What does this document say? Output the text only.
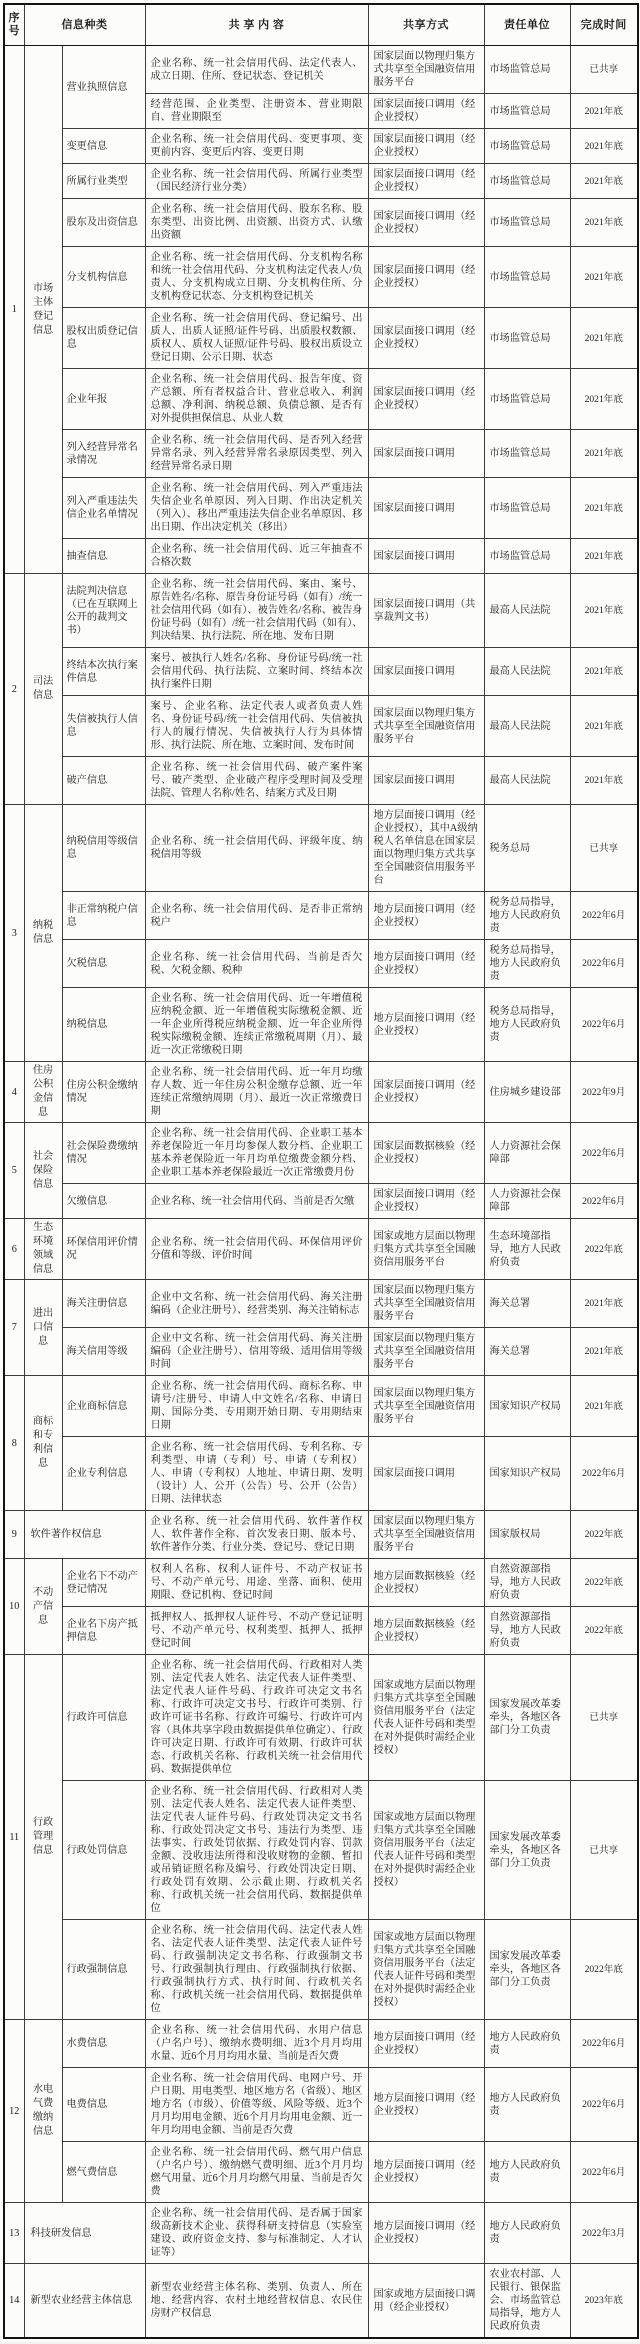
序号	信息种类		共 享 内 容	共享方式	责任单位	完成时间
1	市场主体登记信息	营业执照信息	企业名称、统一社会信用代码、法定代表人、成立日期、住所、登记状态、登记机关	国家层面以物理归集方式共享至全国融资信用服务平台	市场监管总局	已共享
			经营范围、企业类型、注册资本、营业期限自、营业期限至	国家层面接口调用（经企业授权）	市场监管总局	2021年底
		变更信息	企业名称、统一社会信用代码、变更事项、变更前内容、变更后内容、变更日期	国家层面接口调用（经企业授权）	市场监管总局	2021年底
		所属行业类型	企业名称、统一社会信用代码、所属行业类型（国民经济行业分类）	国家层面接口调用（经企业授权）	市场监管总局	2021年底
		股东及出资信息	企业名称、统一社会信用代码、股东名称、股东类型、出资比例、出资额、出资方式、认缴出资额	国家层面接口调用（经企业授权）	市场监管总局	2021年底
		分支机构信息	企业名称、统一社会信用代码、分支机构名称和统一社会信用代码、分支机构法定代表人/负责人、分支机构成立日期、分支机构住所、分支机构登记状态、分支机构登记机关	国家层面接口调用（经企业授权）	市场监管总局	2021年底
		股权出质登记信息	企业名称、统一社会信用代码、登记编号、出质人、出质人证照/证件号码、出质股权数额、质权人、质权人证照/证件号码、股权出质设立登记日期、公示日期、状态	国家层面接口调用（经企业授权）	市场监管总局	2021年底
		企业年报	企业名称、统一社会信用代码、报告年度、资产总额、所有者权益合计、营业总收入、利润总额、净利润、纳税总额、负债总额、是否有对外提供担保信息、从业人数	国家层面接口调用（经企业授权）	市场监管总局	2021年底
		列入经营异常名录情况	企业名称、统一社会信用代码、是否列入经营异常名录、列入经营异常名录原因类型、列入经营异常名录日期	国家层面接口调用	市场监管总局	2021年底
		列入严重违法失信企业名单情况	企业名称、统一社会信用代码、列入严重违法失信企业名单原因、列入日期、作出决定机关（列入）、移出严重违法失信企业名单原因、移出日期、作出决定机关（移出）	国家层面接口调用	市场监管总局	2021年底
		抽查信息	企业名称、统一社会信用代码、近三年抽查不合格次数	国家层面接口调用	市场监管总局	2021年底
2	司法信息	法院判决信息（已在互联网上公开的裁判文书）	企业名称、统一社会信用代码、案由、案号、原告姓名/名称、原告身份证号码（如有）/统一社会信用代码（如有）、被告姓名/名称、被告身份证号码（如有）/统一社会信用代码（如有）、判决结果、执行法院、所在地、发布日期	国家层面接口调用（共享裁判文书）	最高人民法院	2021年底
		终结本次执行案件信息	案号、被执行人姓名/名称、身份证号码/统一社会信用代码、执行法院、立案时间、终结本次执行案件日期	国家层面接口调用	最高人民法院	2021年底
		失信被执行人信息	案号、企业名称、法定代表人或者负责人姓名、身份证号码/统一社会信用代码、失信被执行人的履行情况、失信被执行人行为具体情形、执行法院、所在地、立案时间、发布时间	国家层面以物理归集方式共享至全国融资信用服务平台	最高人民法院	2021年底
		破产信息	企业名称、统一社会信用代码、破产案件案号、破产类型、企业破产程序受理时间及受理法院、管理人名称/姓名、结案方式及日期	国家层面接口调用	最高人民法院	2021年底
3	纳税信息	纳税信用等级信息	企业名称、统一社会信用代码、评级年度、纳税信用等级	地方层面接口调用（经企业授权），其中A级纳税人名单信息在国家层面以物理归集方式共享至全国融资信用服务平台	税务总局	已共享
		非正常纳税户信息	企业名称、统一社会信用代码、是否非正常纳税户	地方层面接口调用（经企业授权）	税务总局指导，地方人民政府负责	2022年6月
		欠税信息	企业名称、统一社会信用代码、当前是否欠税、欠税金额、税种	地方层面接口调用（经企业授权）	税务总局指导，地方人民政府负责	2022年6月
		纳税信息	企业名称、统一社会信用代码、近一年增值税应纳税金额、近一年增值税实际缴税金额、近一年企业所得税应纳税金额、近一年企业所得税实际缴税金额、连续正常缴税周期（月）、最近一次正常缴税日期	地方层面接口调用（经企业授权）	税务总局指导，地方人民政府负责	2022年6月
4	住房公积金信息	住房公积金缴纳情况	企业名称、统一社会信用代码、近一年月均缴存人数、近一年住房公积金缴存总额、近一年连续正常缴纳周期（月）、最近一次正常缴费日期	国家层面接口调用（经企业授权）	住房城乡建设部	2022年9月
5	社会保险信息	社会保险费缴纳情况	企业名称、统一社会信用代码、企业职工基本养老保险近一年月均参保人数分档、企业职工基本养老保险近一年月均单位缴费金额分档、企业职工基本养老保险最近一次正常缴费月份	国家层面数据核验（经企业授权）	人力资源社会保障部	2022年6月
		欠缴信息	企业名称、统一社会信用代码、当前是否欠缴	国家层面接口调用（经企业授权）	人力资源社会保障部	2022年6月
6	生态环境领域信息	环保信用评价情况	企业名称、统一社会信用代码、环保信用评价分值和等级、评价时间	国家或地方层面以物理归集方式共享至全国融资信用服务平台	生态环境部指导，地方人民政府负责	2022年底
7	进出口信息	海关注册信息	企业中文名称、统一社会信用代码、海关注册编码（企业注册号）、经营类别、海关注销标志	国家层面以物理归集方式共享至全国融资信用服务平台	海关总署	2021年底
		海关信用等级	企业中文名称、统一社会信用代码、海关注册编码（企业注册号）、信用等级、适用信用等级时间	国家层面以物理归集方式共享至全国融资信用服务平台	海关总署	2021年底
8	商标和专利信息	企业商标信息	企业名称、统一社会信用代码、商标名称、申请号/注册号、申请人中文姓名/名称、申请日期、国际分类、专用期开始日期、专用期结束日期	国家层面以物理归集方式共享至全国融资信用服务平台	国家知识产权局	2021年底
		企业专利信息	企业名称、统一社会信用代码、专利名称、专利类型、申请（专利）号、申请（专利权）人、申请（专利权）人地址、申请日期、发明（设计）人、公开（公告）号、公开（公告）日期、法律状态	国家层面接口调用	国家知识产权局	2022年6月
9	软件著作权信息		企业名称、统一社会信用代码、软件著作权人、软件著作全称、首次发表日期、版本号、软件著作分类、行业分类、登记号、登记日期	国家层面以物理归集方式共享至全国融资信用服务平台	国家版权局	2022年底
10	不动产信息	企业名下不动产登记情况	权利人名称、权利人证件号、不动产权证书号、不动产单元号、用途、坐落、面积、使用期限、登记机构、登记时间	地方层面数据核验（经企业授权）	自然资源部指导，地方人民政府负责	2022年底
		企业名下房产抵押信息	抵押权人、抵押权人证件号、不动产登记证明号、不动产单元号、权利类型、抵押人、抵押登记时间	地方层面数据核验（经企业授权）	自然资源部指导，地方人民政府负责	2022年底
11	行政管理信息	行政许可信息	企业名称、统一社会信用代码、行政相对人类别、法定代表人姓名、法定代表人证件类型、法定代表人证件号码、行政许可决定文书名称、行政许可决定文书号、行政许可类别、行政许可证书名称、行政许可编号、行政许可内容（具体共享字段由数据提供单位确定）、行政许可决定日期、行政许可有效期、行政许可状态、行政机关名称、行政机关统一社会信用代码、数据提供单位	国家或地方层面以物理归集方式共享至全国融资信用服务平台（法定代表人证件号码和类型在对外提供时需经企业授权）	国家发展改革委牵头，各地区各部门分工负责	已共享
		行政处罚信息	企业名称、统一社会信用代码、行政相对人类别、法定代表人姓名、法定代表人证件类型、法定代表人证件号码、行政处罚决定文书名称、行政处罚决定文书号、违法行为类型、违法事实、行政处罚依据、行政处罚内容、罚款金额、没收违法所得和没收财物的金额、暂扣或吊销证照名称及编号、行政处罚决定日期、行政处罚有效期、公示截止期、行政机关名称、行政机关统一社会信用代码、数据提供单位	国家或地方层面以物理归集方式共享至全国融资信用服务平台（法定代表人证件号码和类型在对外提供时需经企业授权）	国家发展改革委牵头，各地区各部门分工负责	已共享
		行政强制信息	企业名称、统一社会信用代码、法定代表人姓名、法定代表人证件类型、法定代表人证件号码、行政强制决定文书名称、行政强制文书号、行政强制执行理由、行政强制执行依据、行政强制执行方式、执行时间、行政机关名称、行政机关统一社会信用代码、数据提供单位	国家或地方层面以物理归集方式共享至全国融资信用服务平台（法定代表人证件号码和类型在对外提供时需经企业授权）	国家发展改革委牵头，各地区各部门分工负责	2022年底
12	水电气费缴纳信息	水费信息	企业名称、统一社会信用代码、水用户信息（户名户号）、缴纳水费明细、近3个月月均用水量、近6个月月均用水量、当前是否欠费	地方层面接口调用（经企业授权）	地方人民政府负责	2022年6月
		电费信息	企业名称、统一社会信用代码、电网户号、开户日期、用电类型、地区地方名（省级）、地区地方名（市级）、价值等级、风险等级、近3个月月均用电金额、近6个月月均用电金额、近一年月均用电金额、当前是否欠费	地方层面接口调用（经企业授权）	地方人民政府负责	2022年6月
		燃气费信息	企业名称、统一社会信用代码、燃气用户信息（户名户号）、缴纳燃气费明细、近3个月月均燃气用量、近6个月月均燃气用量、当前是否欠费	地方层面接口调用（经企业授权）	地方人民政府负责	2022年6月
13	科技研发信息		企业名称、统一社会信用代码、是否属于国家级高新技术企业、获得科研支持信息（实验室建设、政府资金支持、参与标准制定、人才认证等）	地方层面接口调用（经企业授权）	地方人民政府负责	2022年3月
14	新型农业经营主体信息		新型农业经营主体名称、类别、负责人、所在地、经营内容、农村土地经营权信息、农民住房财产权信息	国家或地方层面接口调用（经企业授权）	农业农村部、人民银行、银保监会、市场监管总局指导，地方人民政府负责	2023年底
